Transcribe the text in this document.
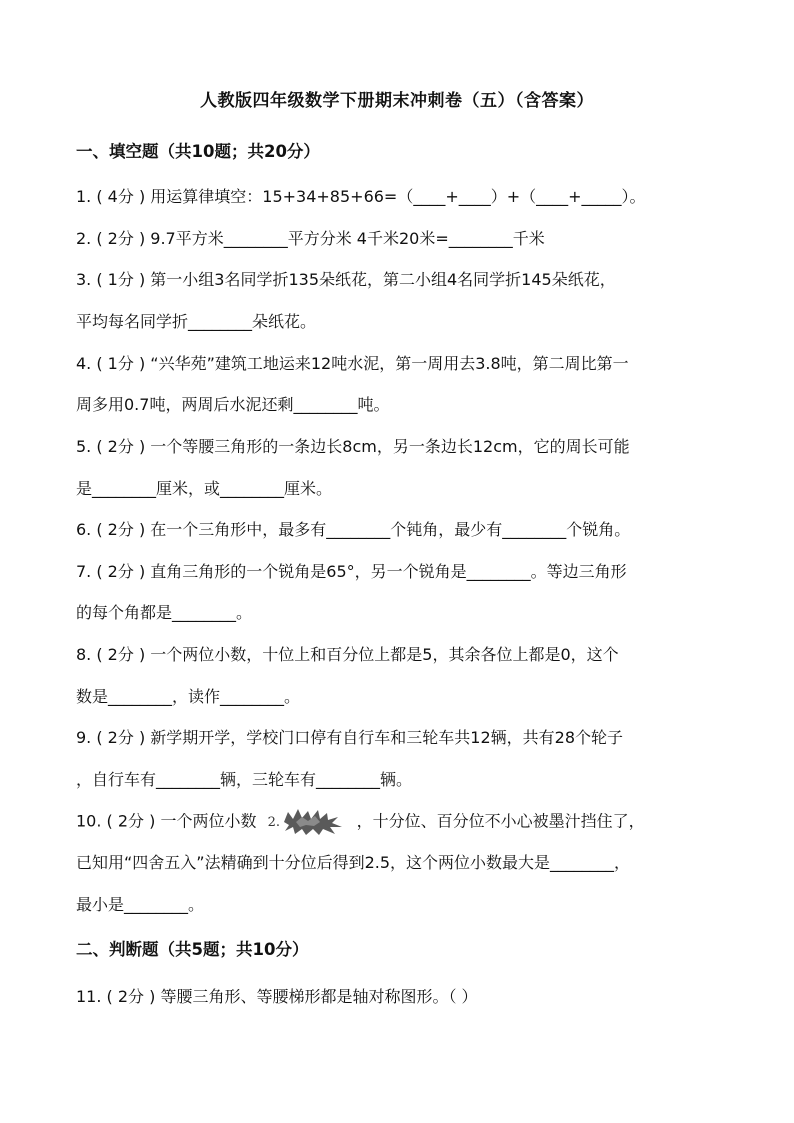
人教版四年级数学下册期末冲刺卷（五）（含答案）
一、填空题（共10题；共20分）
1. ( 4分 ) 用运算律填空：15+34+85+66=（____+____）+（____+_____）。
2. ( 2分 ) 9.7平方米________平方分米 4千米20米=________千米
3. ( 1分 ) 第一小组3名同学折135朵纸花，第二小组4名同学折145朵纸花，
平均每名同学折________朵纸花。
4. ( 1分 ) “兴华苑”建筑工地运来12吨水泥，第一周用去3.8吨，第二周比第一
周多用0.7吨，两周后水泥还剩________吨。
5. ( 2分 ) 一个等腰三角形的一条边长8cm，另一条边长12cm，它的周长可能
是________厘米，或________厘米。
6. ( 2分 ) 在一个三角形中，最多有________个钝角，最少有________个锐角。
7. ( 2分 ) 直角三角形的一个锐角是65°，另一个锐角是________。等边三角形
的每个角都是________。
8. ( 2分 ) 一个两位小数，十位上和百分位上都是5，其余各位上都是0，这个
数是________，读作________。
9. ( 2分 ) 新学期开学，学校门口停有自行车和三轮车共12辆，共有28个轮子
，自行车有________辆，三轮车有________辆。
10. ( 2分 ) 一个两位小数 2.	，十分位、百分位不小心被墨汁挡住了，
已知用“四舍五入”法精确到十分位后得到2.5，这个两位小数最大是________，
最小是________。
二、判断题（共5题；共10分）
11. ( 2分 ) 等腰三角形、等腰梯形都是轴对称图形。（ ）
